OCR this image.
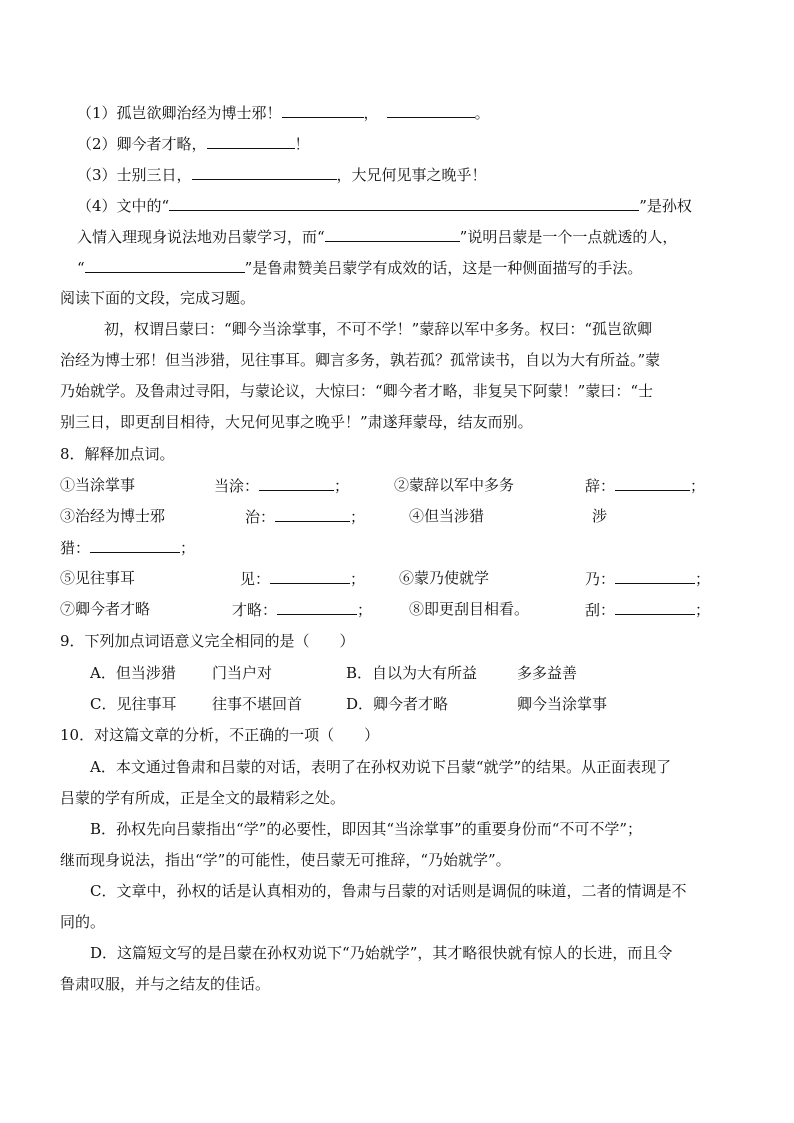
（1）孤岂欲卿治经为博士邪！	，	。
（2）卿今者才略，	！
（3）士别三日，	，大兄何见事之晚乎！
（4）文中的“	”是孙权
入情入理现身说法地劝吕蒙学习，而“	”说明吕蒙是一个一点就透的人，
“	”是鲁肃赞美吕蒙学有成效的话，这是一种侧面描写的手法。
阅读下面的文段，完成习题。
初，权谓吕蒙曰：“卿今当涂掌事，不可不学！”蒙辞以军中多务。权曰：“孤岂欲卿
治经为博士邪！但当涉猎，见往事耳。卿言多务，孰若孤？孤常读书，自以为大有所益。”蒙
乃始就学。及鲁肃过寻阳，与蒙论议，大惊曰：“卿今者才略，非复吴下阿蒙！”蒙曰：“士
别三日，即更刮目相待，大兄何见事之晚乎！”肃遂拜蒙母，结友而别。
8．解释加点词。
①当涂掌事	当涂：	；	②蒙辞以军中多务	辞：	；
③治经为博士邪	治：	；	④但当涉猎	涉
猎：	；
⑤见往事耳	见：	； ⑥蒙乃使就学	乃：	；
⑦卿今者才略	才略：	； ⑧即更刮目相看。	刮：	；
9．下列加点词语意义完全相同的是（　　）
A．但当涉猎 门当户对	B．自以为大有所益	多多益善
C．见往事耳 往事不堪回首	D．卿今者才略	卿今当涂掌事
10．对这篇文章的分析，不正确的一项（　　）
A．本文通过鲁肃和吕蒙的对话，表明了在孙权劝说下吕蒙“就学”的结果。从正面表现了
吕蒙的学有所成，正是全文的最精彩之处。
B．孙权先向吕蒙指出“学”的必要性，即因其“当涂掌事”的重要身份而“不可不学”；
继而现身说法，指出“学”的可能性，使吕蒙无可推辞，“乃始就学”。
C．文章中，孙权的话是认真相劝的，鲁肃与吕蒙的对话则是调侃的味道，二者的情调是不
同的。
D．这篇短文写的是吕蒙在孙权劝说下“乃始就学”，其才略很快就有惊人的长进，而且令
鲁肃叹服，并与之结友的佳话。
